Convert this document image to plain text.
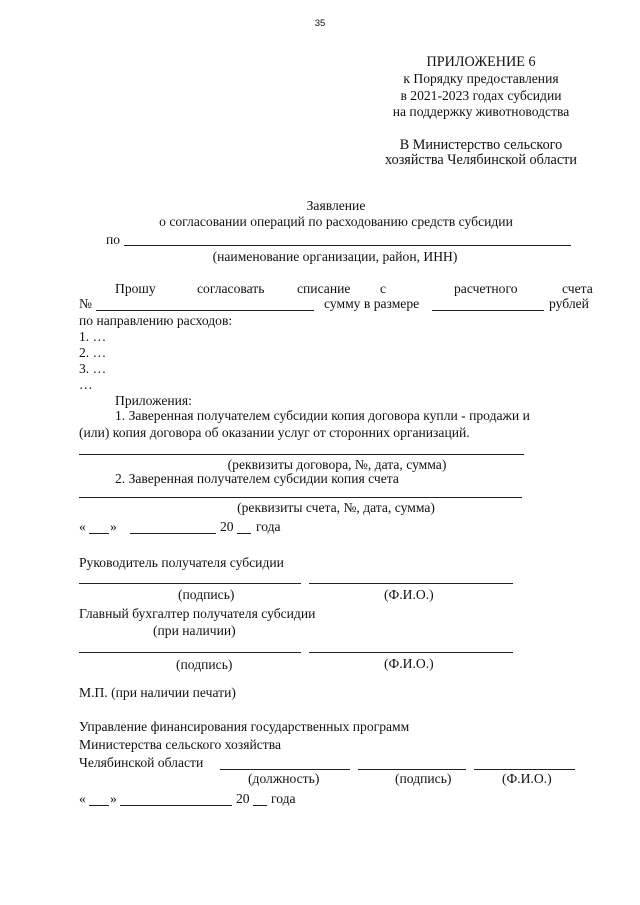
35
ПРИЛОЖЕНИЕ 6
к Порядку предоставления
в 2021-2023 годах субсидии
на поддержку животноводства
В Министерство сельского
хозяйства Челябинской области
Заявление
о согласовании операций по расходованию средств субсидии
по
(наименование организации, район, ИНН)
Прошу	согласовать списание с	расчетного	счета
№	сумму в размере	рублей
по направлению расходов:
1. …
2. …
3. …
…
Приложения:
1. Заверенная получателем субсидии копия договора купли - продажи и
(или) копия договора об оказании услуг от сторонних организаций.
(реквизиты договора, №, дата, сумма)
2. Заверенная получателем субсидии копия счета
(реквизиты счета, №, дата, сумма)
« »	20 года
Руководитель получателя субсидии
(подпись)	(Ф.И.О.)
Главный бухгалтер получателя субсидии
(при наличии)
(подпись)	(Ф.И.О.)
М.П. (при наличии печати)
Управление финансирования государственных программ
Министерства сельского хозяйства
Челябинской области
(должность)	(подпись)	(Ф.И.О.)
« »	20 года
